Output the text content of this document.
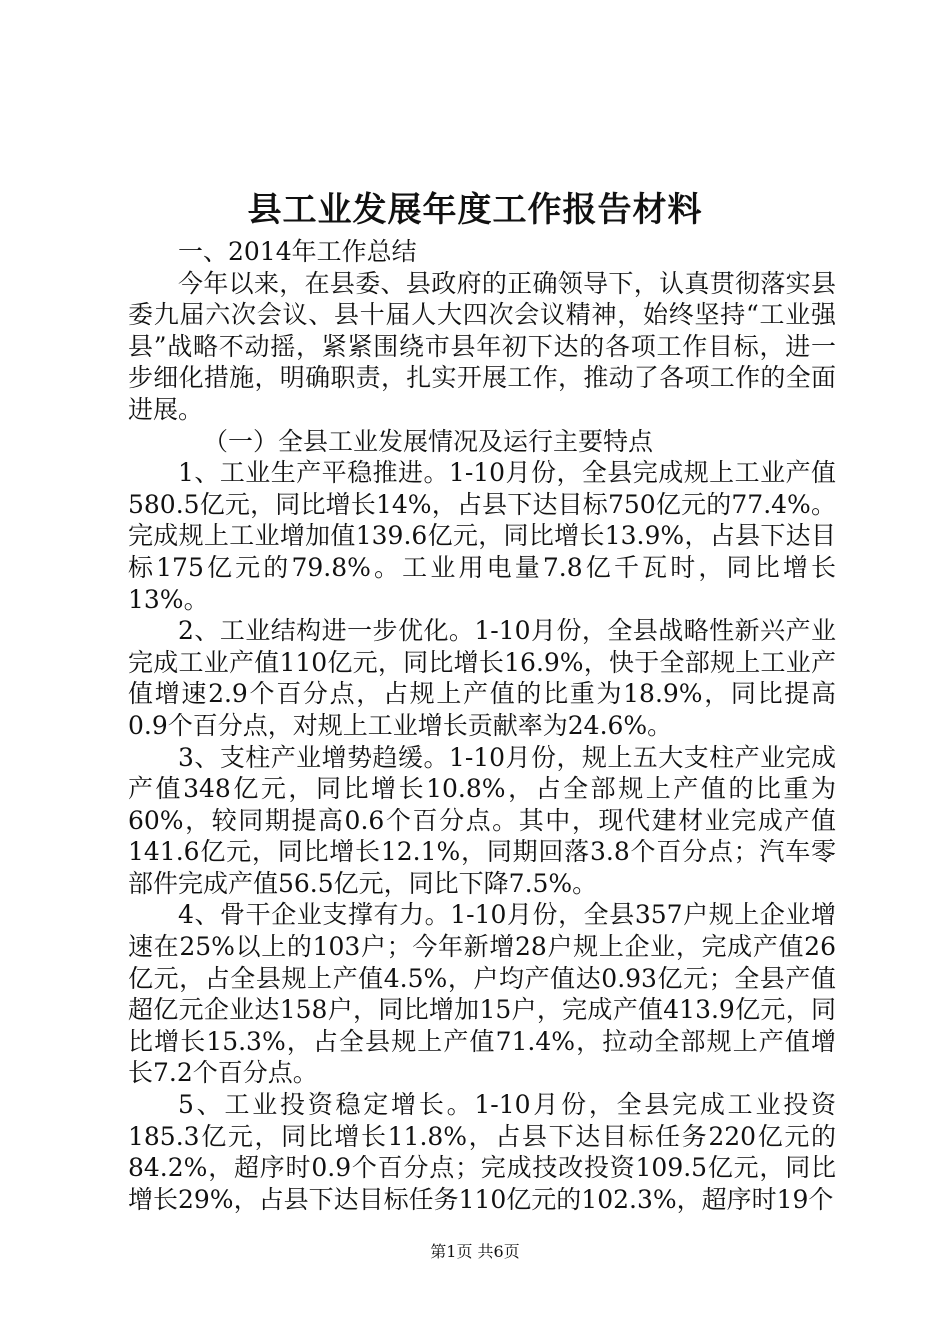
县工业发展年度工作报告材料

一、2014年工作总结

今年以来，在县委、县政府的正确领导下，认真贯彻落实县委九届六次会议、县十届人大四次会议精神，始终坚持“工业强县”战略不动摇，紧紧围绕市县年初下达的各项工作目标，进一步细化措施，明确职责，扎实开展工作，推动了各项工作的全面进展。

（一）全县工业发展情况及运行主要特点

1、工业生产平稳推进。1-10月份，全县完成规上工业产值580.5亿元，同比增长14%，占县下达目标750亿元的77.4%。完成规上工业增加值139.6亿元，同比增长13.9%，占县下达目标175亿元的79.8%。工业用电量7.8亿千瓦时，同比增长13%。

2、工业结构进一步优化。1-10月份，全县战略性新兴产业完成工业产值110亿元，同比增长16.9%，快于全部规上工业产值增速2.9个百分点，占规上产值的比重为18.9%，同比提高0.9个百分点，对规上工业增长贡献率为24.6%。

3、支柱产业增势趋缓。1-10月份，规上五大支柱产业完成产值348亿元，同比增长10.8%，占全部规上产值的比重为60%，较同期提高0.6个百分点。其中，现代建材业完成产值141.6亿元，同比增长12.1%，同期回落3.8个百分点；汽车零部件完成产值56.5亿元，同比下降7.5%。

4、骨干企业支撑有力。1-10月份，全县357户规上企业增速在25%以上的103户；今年新增28户规上企业，完成产值26亿元，占全县规上产值4.5%，户均产值达0.93亿元；全县产值超亿元企业达158户，同比增加15户，完成产值413.9亿元，同比增长15.3%，占全县规上产值71.4%，拉动全部规上产值增长7.2个百分点。

5、工业投资稳定增长。1-10月份，全县完成工业投资185.3亿元，同比增长11.8%，占县下达目标任务220亿元的84.2%，超序时0.9个百分点；完成技改投资109.5亿元，同比增长29%，占县下达目标任务110亿元的102.3%，超序时19个

第1页 共6页
